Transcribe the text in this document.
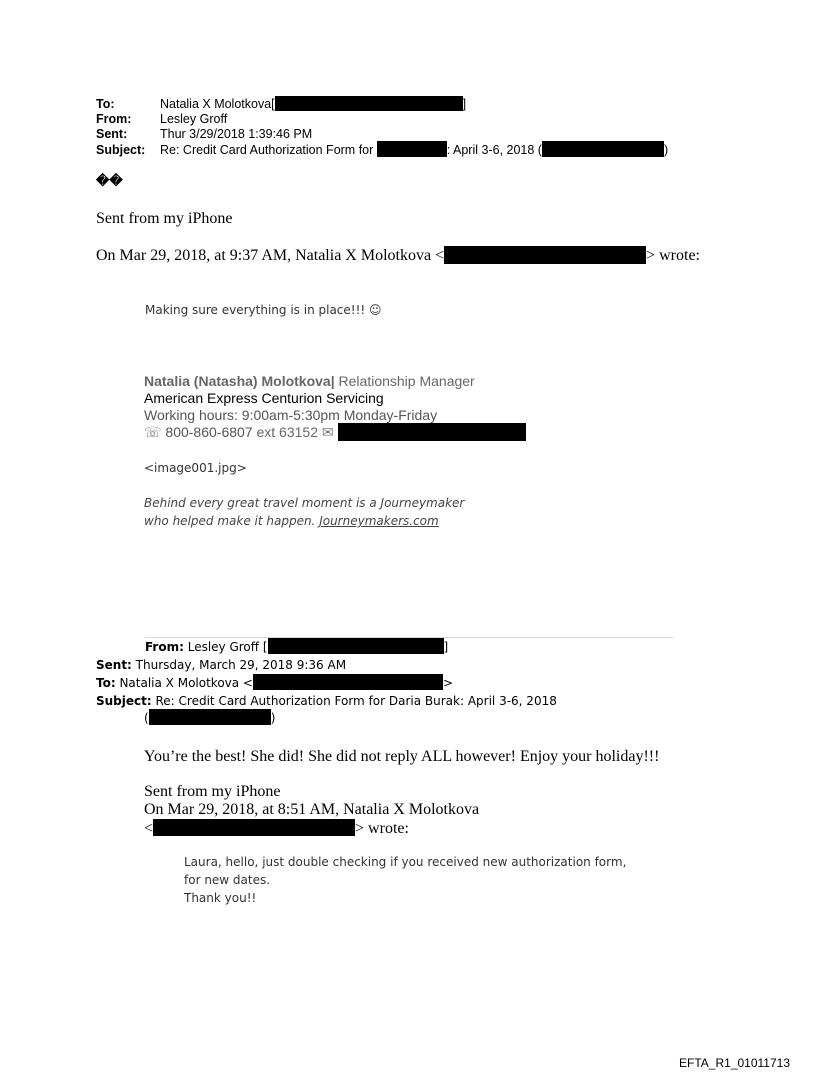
To:	Natalia X Molotkova[	]
From: Lesley Groff
Sent:	Thur 3/29/2018 1:39:46 PM
Subject: Re: Credit Card Authorization Form for	: April 3-6, 2018 (	)
��
Sent from my iPhone
On Mar 29, 2018, at 9:37 AM, Natalia X Molotkova <	> wrote:
Making sure everything is in place!!! ☺
Natalia (Natasha) Molotkova| Relationship Manager
American Express Centurion Servicing
Working hours: 9:00am-5:30pm Monday-Friday
☏ 800-860-6807 ext 63152 ✉
<image001.jpg>
Behind every great travel moment is a Journeymaker
who helped make it happen. Journeymakers.com
From: Lesley Groff [	]
Sent: Thursday, March 29, 2018 9:36 AM
To: Natalia X Molotkova <	>
Subject: Re: Credit Card Authorization Form for Daria Burak: April 3-6, 2018
(	)
You’re the best! She did! She did not reply ALL however! Enjoy your holiday!!!
Sent from my iPhone
On Mar 29, 2018, at 8:51 AM, Natalia X Molotkova
<	> wrote:
Laura, hello, just double checking if you received new authorization form,
for new dates.
Thank you!!
EFTA_R1_01011713
